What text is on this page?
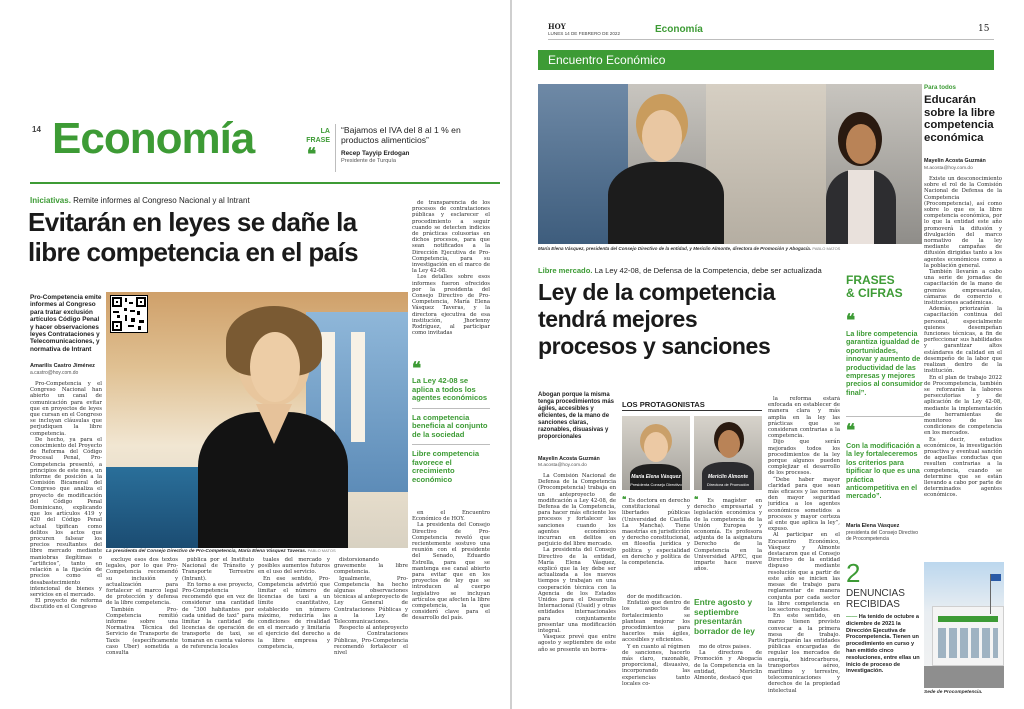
14 Economía	LA
FRASE
❝
“Bajamos el IVA del 8 al 1 % en productos alimenticios”
Recep Tayyip Erdogan
Presidente de Turquía
Iniciativas. Remite informes al Congreso Nacional y al Intrant
Evitarán en leyes se dañe la
libre competencia en el país
Pro-Competencia emite informes al Congreso para tratar exclusión artículos Código Penal y hacer observaciones leyes Contrataciones y Telecomunicaciones, y normativa de Intrant
Amarilis Castro Jiménez
a.castro@hoy.com.do

Pro-Competencia y el Congreso Nacional han abierto un canal de comunicación para evitar que en proyectos de leyes que cursan en el Congreso se incluyan cláusulas que perjudiquen la libre competencia.

De hecho, ya para el conocimiento del Proyecto de Reforma del Código Procesal Penal, Pro-Competencia presentó, a principios de este mes, un informe de posición a la Comisión Bicameral del Congreso que analiza el proyecto de modificación del Código Penal Dominicano, explicando que los artículos 419 y 420 del Código Penal actual tipifican como delitos los actos que procuren falsear los precios resultantes del libre mercado mediante maniobras ilegítimas o “artificios”, tanto en relación a la fijación de precios como el desabastecimiento intencional de bienes y servicios en el mercado.

El proyecto de reforma discutido en el Congreso

La presidenta del Consejo Directivo de Pro-Competencia, María Elena Vásquez Taveras. PABLO MATOS

excluye esos dos textos legales, por lo que Pro-Competencia recomendó su inclusión y actualización para fortalecer el marco legal de protección y defensa de la libre competencia.

También Pro-Competencia remitió informe sobre una Normativa Técnica del Servicio de Transporte de Taxis (específicamente caso Uber) sometida a consulta

pública por el Instituto Nacional de Tránsito y Transporte Terrestre (Intrant).

En torno a ese proyecto, Pro-Competencia recomendó que en vez de considerar una cantidad de “300 habitantes por cada unidad de taxi” para limitar la cantidad de licencias de operación de transporte de taxi, se tomaran en cuenta valores de referencia locales

tuales del mercado y posibles aumentos futuros en el uso del servicio.

En ese sentido, Pro-Competencia advirtió que limitar el número de licencias de taxi a un límite cuantitativo, establecido un número máximo, reduciría las condiciones de rivalidad en el mercado y limitaría el ejercicio del derecho a la libre empresa y competencia,

distorsionando gravemente la libre competencia.

Igualmente, Pro-Competencia ha hecho algunas observaciones técnicas al anteproyecto de Ley General de Contrataciones Públicas y a la Ley de Telecomunicaciones.

Respecto al anteproyecto de Contrataciones Públicas, Pro-Competencia recomendó fortalecer el nivel

de transparencia de los procesos de contrataciones públicas y esclarecer el procedimiento a seguir cuando se detecten indicios de prácticas colusorias en dichos procesos, para que sean notificados a la Dirección Ejecutiva de Pro-Competencia, para su investigación en el marco de la Ley 42-08.

Los detalles sobre esos informes fueron ofrecidos por la presidenta del Consejo Directivo de Pro-Competencia, María Elena Vásquez Taveras, y la directora ejecutiva de esa institución, Jhorlenny Rodríguez, al participar como invitadas

❝
La Ley 42-08 se aplica a todos los agentes económicos
La competencia beneficia al conjunto de la sociedad
Libre competencia favorece el crecimiento económico

en el Encuentro Económico de HOY.

La presidenta del Consejo Directivo de Pro-Competencia reveló que recientemente sostuvo una reunión con el presidente del Senado, Eduardo Estrella, para que se mantenga ese canal abierto para evitar que en los proyectos de ley que se introducen al cuerpo legislativo se incluyan artículos que afecten la libre competencia, la que consideró clave para el desarrollo del país.

HOY
LUNES 14 DE FEBRERO DE 2022	Economía	15
Encuentro Económico
María Elena Vásquez, presidenta del Consejo Directivo de la entidad, y Mericlin Almonte, directora de Promoción y Abogacía. PABLO MATOS
Libre mercado. La Ley 42-08, de Defensa de la Competencia, debe ser actualizada
Ley de la competencia
tendrá mejores
procesos y sanciones
Abogan porque la misma tenga procedimientos más ágiles, accesibles y eficientes, de la mano de sanciones claras, razonables, disuasivas y proporcionales
Mayelin Acosta Guzmán
M.acosta@hoy.com.do

La Comisión Nacional de Defensa de la Competencia (Procompetencia) trabaja en un anteproyecto de modificación a Ley 42-08, de Defensa de la Competencia, para hacer más eficiente los procesos y fortalecer las sanciones cuando los agentes económicos incurran en delitos en perjuicio del libre mercado.

La presidenta del Consejo Directivo de la entidad, María Elena Vásquez, explicó que la ley debe ser actualizada a los nuevos tiempos y trabajan en una cooperación técnica con la Agencia de los Estados Unidos para el Desarrollo Internacional (Usaid) y otras entidades internacionales para conjuntamente presentar una modificación integral.

Vásquez prevé que entre agosto y septiembre de este año se presente un borra-

LOS PROTAGONISTAS
María Elena Vásquez
Presidenta Consejo Directivo
Mericlin Almonte
Directora de Promoción
❝ Es doctora en derecho constitucional y libertades públicas (Universidad de Castilla La Mancha). Tiene maestrías en jurisdicción y derecho constitucional, en filosofía jurídica y política y especialidad en derecho y política de la competencia.
❝ Es magíster en derecho empresarial y legislación económica y de la competencia de la Unión Europea y economía. Es profesora adjunta de la asignatura Derecho de la Competencia en la Universidad APEC, que imparte hace nueve años.

dor de modificación.

Enfatizó que dentro de los aspectos de fortalecimiento se plantean mejorar los procedimientos para hacerlos más ágiles, accesibles y eficientes.

Y en cuanto al régimen de sanciones, hacerlo más claro, razonable, proporcional, disuasivo, incorporando las experiencias tanto locales co-

Entre agosto y septiembre presentarán borrador de ley

mo de otros países.

La directora de Promoción y Abogacía de la Competencia en la entidad, Mericlin Almonte, destacó que

la reforma estará enfocada en establecer de manera clara y más amplia en la ley las prácticas que se consideran contrarias a la competencia.

Dijo que serán mejorados todos los procedimientos de la ley porque algunos pueden complejizar el desarrollo de los procesos.

“Debe haber mayor claridad para que sean más eficaces y las normas den mayor seguridad jurídica a los agentes económicos sometidos a procesos y mayor certeza al ente que aplica la ley”, expuso.

Al participar en el Encuentro Económico, Vásquez y Almonte destacaron que el Consejo Directivo de la entidad dispuso mediante resolución que a partir de este año se inicien las mesas de trabajo para reglamentar de manera conjunta por cada sector la libre competencia en los sectores regulados.

En este sentido, en marzo tienen previsto convocar a la primera mesa de trabajo. Participarán las entidades públicas encargadas de regular los mercados de energía, hidrocarburos, transportes aéreo, marítimo y terrestre, telecomunicaciones y derechos de la propiedad intelectual

FRASES
& CIFRAS
❝
La libre competencia garantiza igualdad de oportunidades, innovar y aumento de productividad de las empresas y mejores precios al consumidor final”.
❝
Con la modificación a la ley fortaleceremos los criterios para tipificar lo que es una práctica anticompetitiva en el mercado”.
María Elena Vásquez
presidenta del Consejo Directivo de Procompetencia
2
DENUNCIAS
RECIBIDAS
—— Ha tenido de octubre a diciembre de 2021 la Dirección Ejecutiva de Procompetencia. Tienen un procedimiento en curso y han emitido cinco resoluciones, entre ellas un inicio de proceso de investigación.
Para todos
Educarán sobre la libre competencia económica
Mayelin Acosta Guzmán
M.acosta@hoy.com.do

Existe un desconocimiento sobre el rol de la Comisión Nacional de Defensa de la Competencia (Procompetencia), así como sobre lo que es la libre competencia económica, por lo que la entidad este año promoverá la difusión y divulgación del marco normativo de la ley mediante campañas de difusión dirigidas tanto a los agentes económicos como a la población general.

También llevarán a cabo una serie de jornadas de capacitación de la mano de gremios empresariales, cámaras de comercio e instituciones académicas.

Además, priorizarán la capacitación continua del personal, especialmente quienes desempeñan funciones técnicas, a fin de perfeccionar sus habilidades y garantizar altos estándares de calidad en el desempeño de la labor que realizan dentro de la institución.

En el plan de trabajo 2022 de Procompetencia, también se reforzarán la labores persecutorias y de aplicación de la Ley 42-08, mediante la implementación de herramientas de monitoreo de las condiciones de competencia en los mercados.

Es decir, estudios económicos, la investigación proactiva y eventual sanción de aquellas conductas que resulten contrarias a la competencia, cuando se determine que se están llevando a cabo por parte de determinados agentes económicos.

Sede de Procompetencia.
